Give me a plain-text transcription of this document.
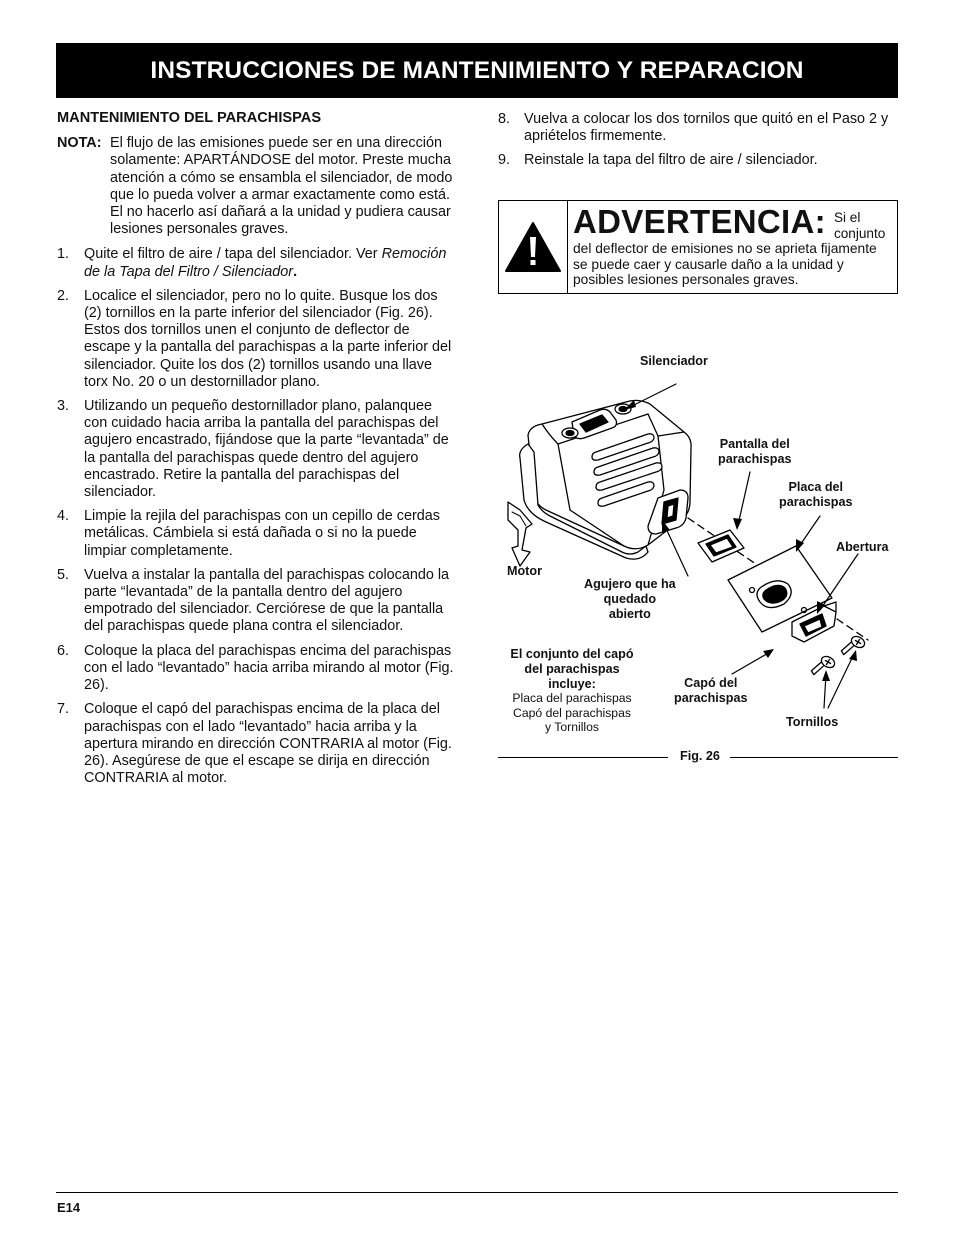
INSTRUCCIONES DE MANTENIMIENTO Y REPARACION
MANTENIMIENTO DEL PARACHISPAS
NOTA: El flujo de las emisiones puede ser en una dirección solamente: APARTÁNDOSE del motor. Preste mucha atención a cómo se ensambla el silenciador, de modo que lo pueda volver a armar exactamente como está. El no hacerlo así dañará a la unidad y pudiera causar lesiones personales graves.
1.	Quite el filtro de aire / tapa del silenciador. Ver Remoción de la Tapa del Filtro / Silenciador.
2.	Localice el silenciador, pero no lo quite. Busque los dos (2) tornillos en la parte inferior del silenciador (Fig. 26). Estos dos tornillos unen el conjunto de deflector de escape y la pantalla del parachispas a la parte inferior del silenciador. Quite los dos (2) tornillos usando una llave torx No. 20 o un destornillador plano.
3.	Utilizando un pequeño destornillador plano, palanquee con cuidado hacia arriba la pantalla del parachispas del agujero encastrado, fijándose que la parte “levantada” de la pantalla del parachispas quede dentro del agujero encastrado. Retire la pantalla del parachispas del silenciador.
4.	Limpie la rejila del parachispas con un cepillo de cerdas metálicas. Cámbiela si está dañada o si no la puede limpiar completamente.
5.	Vuelva a instalar la pantalla del parachispas colocando la parte “levantada” de la pantalla dentro del agujero empotrado del silenciador. Cerciórese de que la pantalla del parachispas quede plana contra el silenciador.
6.	Coloque la placa del parachispas encima del parachispas con el lado “levantado” hacia arriba mirando al motor (Fig. 26).
7.	Coloque el capó del parachispas encima de la placa del parachispas con el lado “levantado” hacia arriba y la apertura mirando en dirección CONTRARIA al motor (Fig. 26). Asegúrese de que el escape se dirija en dirección CONTRARIA al motor.
8. Vuelva a colocar los dos tornilos que quitó en el Paso 2 y apriételos firmemente.
9. Reinstale la tapa del filtro de aire / silenciador.
ADVERTENCIA: Si el conjunto
del deflector de emisiones no se aprieta fijamente se puede caer y causarle daño a la unidad y posibles lesiones personales graves.
Silenciador
Pantalla del
parachispas
Placa del
parachispas
Abertura
Motor
Agujero que ha
quedado
abierto
El conjunto del capó
del parachispas
incluye:
Placa del parachispas
Capó del parachispas
y Tornillos
Capó del
parachispas
Tornillos
Fig. 26
E14
